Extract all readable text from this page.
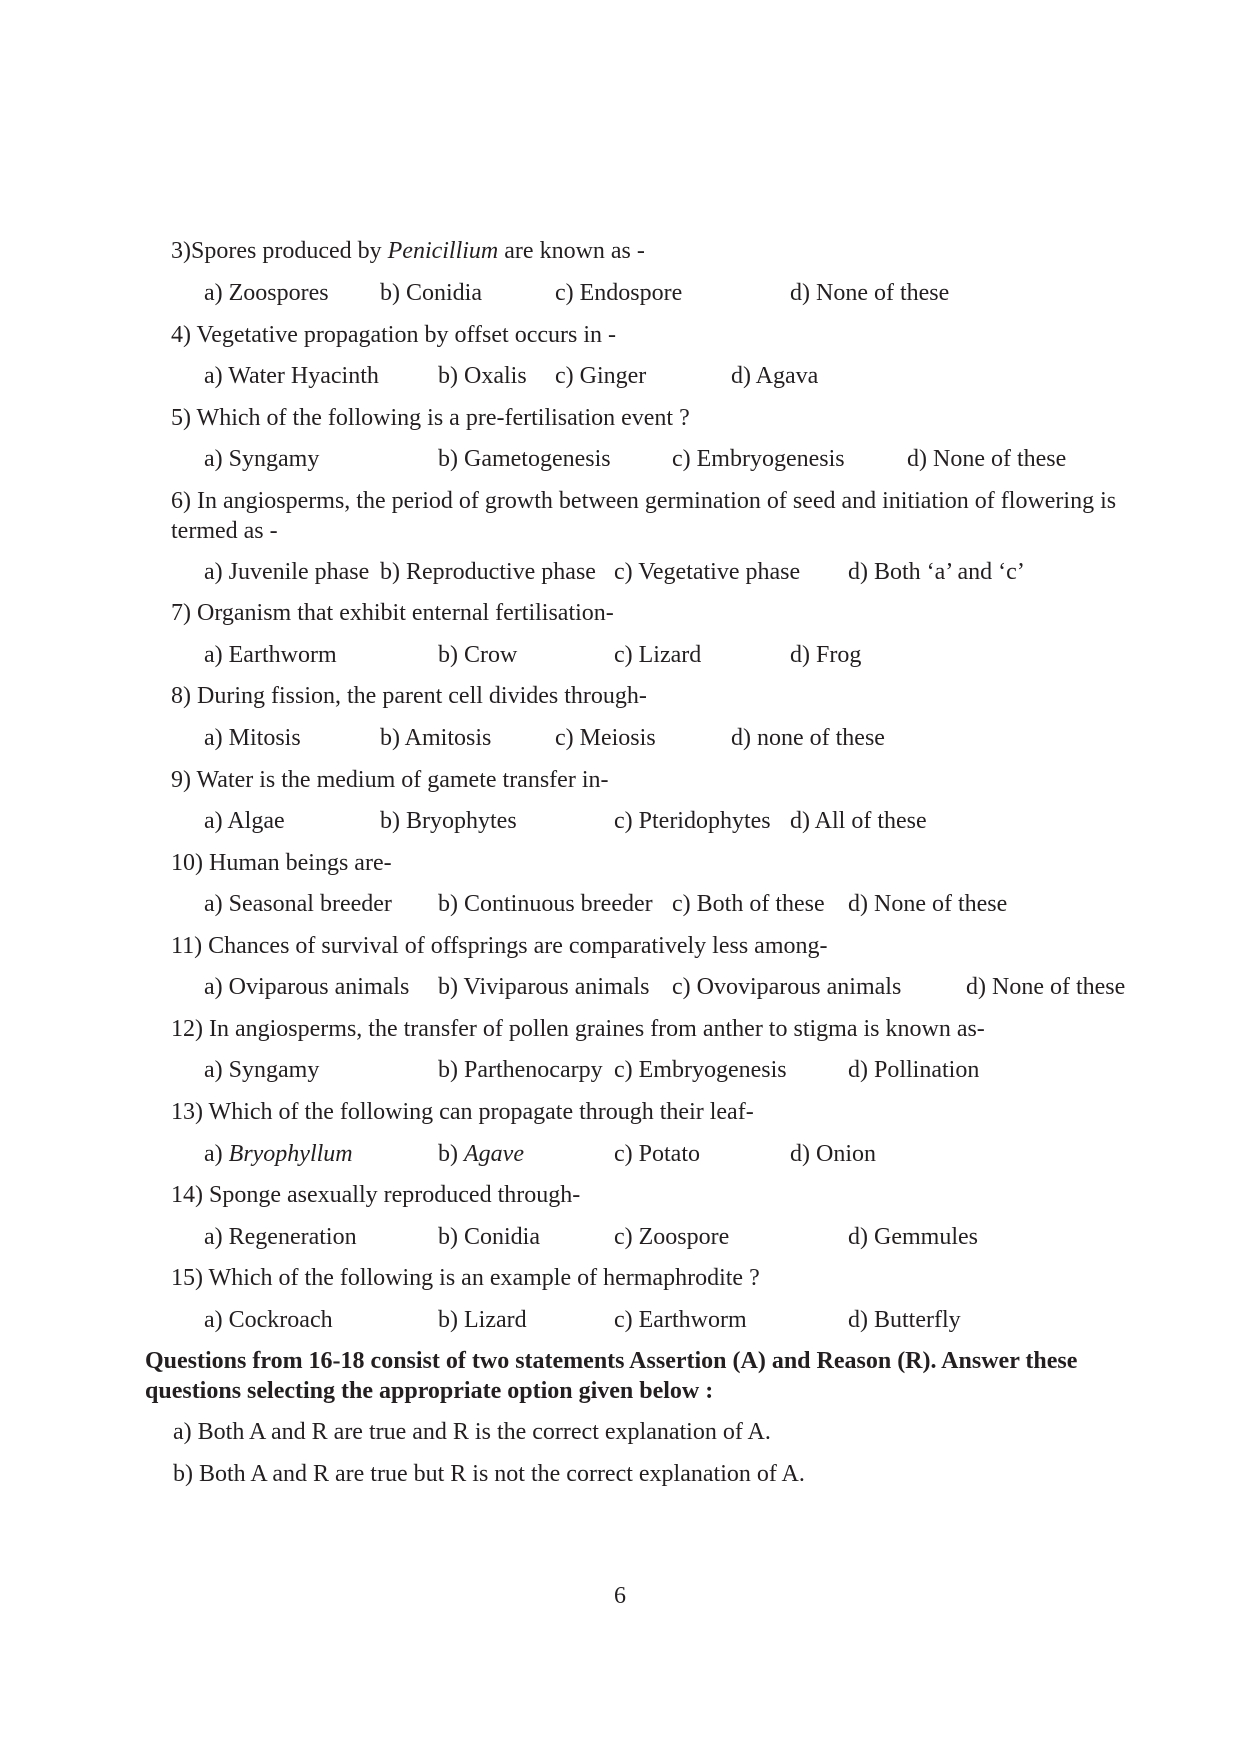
3)Spores produced by Penicillium are known as -
a) Zoospores b) Conidia	c) Endospore	d) None of these
4) Vegetative propagation by offset occurs in -
a) Water Hyacinth b) Oxalis c) Ginger	d) Agava
5) Which of the following is a pre-fertilisation event ?
a) Syngamy	b) Gametogenesis	c) Embryogenesis	d) None of these
6) In angiosperms, the period of growth between germination of seed and initiation of flowering is termed as -
a) Juvenile phase b) Reproductive phase c) Vegetative phase d) Both ‘a’ and ‘c’
7) Organism that exhibit enternal fertilisation-
a) Earthworm	b) Crow	c) Lizard	d) Frog
8) During fission, the parent cell divides through-
a) Mitosis	b) Amitosis	c) Meiosis	d) none of these
9) Water is the medium of gamete transfer in-
a) Algae	b) Bryophytes	c) Pteridophytes d) All of these
10) Human beings are-
a) Seasonal breeder b) Continuous breeder c) Both of these d) None of these
11) Chances of survival of offsprings are comparatively less among-
a) Oviparous animals b) Viviparous animals c) Ovoviparous animals	d) None of these
12) In angiosperms, the transfer of pollen graines from anther to stigma is known as-
a) Syngamy	b) Parthenocarpy c) Embryogenesis	d) Pollination
13) Which of the following can propagate through their leaf-
a) Bryophyllum	b) Agave	c) Potato	d) Onion
14) Sponge asexually reproduced through-
a) Regeneration	b) Conidia	c) Zoospore	d) Gemmules
15) Which of the following is an example of hermaphrodite ?
a) Cockroach	b) Lizard	c) Earthworm	d) Butterfly
Questions from 16-18 consist of two statements Assertion (A) and Reason (R). Answer these questions selecting the appropriate option given below :
a) Both A and R are true and R is the correct explanation of A.
b) Both A and R are true but R is not the correct explanation of A.
6
